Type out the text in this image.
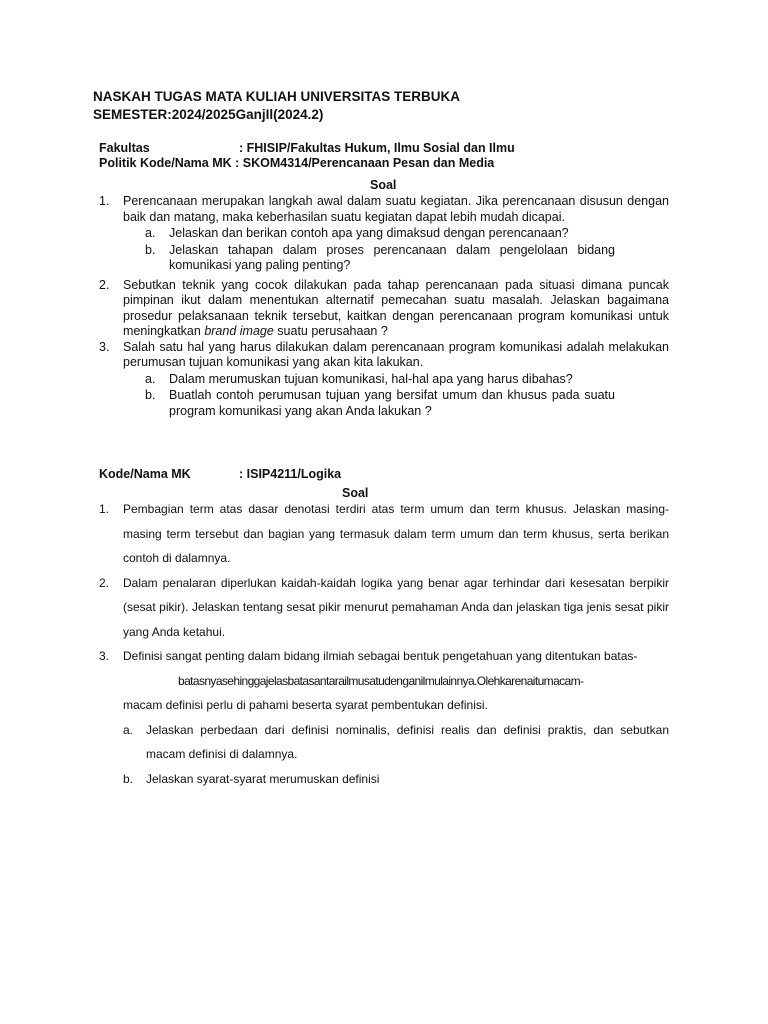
NASKAH TUGAS MATA KULIAH UNIVERSITAS TERBUKA
SEMESTER:2024/2025GanjIl(2024.2)
Fakultas	: FHISIP/Fakultas Hukum, Ilmu Sosial dan Ilmu
Politik Kode/Nama MK : SKOM4314/Perencanaan Pesan dan Media
Soal
1. Perencanaan merupakan langkah awal dalam suatu kegiatan. Jika perencanaan disusun dengan baik dan matang, maka keberhasilan suatu kegiatan dapat lebih mudah dicapai.
a. Jelaskan dan berikan contoh apa yang dimaksud dengan perencanaan?
b. Jelaskan tahapan dalam proses perencanaan dalam pengelolaan bidang komunikasi yang paling penting?
2. Sebutkan teknik yang cocok dilakukan pada tahap perencanaan pada situasi dimana puncak pimpinan ikut dalam menentukan alternatif pemecahan suatu masalah. Jelaskan bagaimana prosedur pelaksanaan teknik tersebut, kaitkan dengan perencanaan program komunikasi untuk meningkatkan brand image suatu perusahaan ?
3. Salah satu hal yang harus dilakukan dalam perencanaan program komunikasi adalah melakukan perumusan tujuan komunikasi yang akan kita lakukan.
a. Dalam merumuskan tujuan komunikasi, hal-hal apa yang harus dibahas?
b. Buatlah contoh perumusan tujuan yang bersifat umum dan khusus pada suatu program komunikasi yang akan Anda lakukan ?
Kode/Nama MK	: ISIP4211/Logika
Soal
1. Pembagian term atas dasar denotasi terdiri atas term umum dan term khusus. Jelaskan masing- masing term tersebut dan bagian yang termasuk dalam term umum dan term khusus, serta berikan contoh di dalamnya.
2. Dalam penalaran diperlukan kaidah-kaidah logika yang benar agar terhindar dari kesesatan berpikir (sesat pikir). Jelaskan tentang sesat pikir menurut pemahaman Anda dan jelaskan tiga jenis sesat pikir yang Anda ketahui.
3. Definisi sangat penting dalam bidang ilmiah sebagai bentuk pengetahuan yang ditentukan batas-
batasnyasehinggajelasbatasantarailmusatudenganilmulainnya.Olehkarenaitumacam-
macam definisi perlu di pahami beserta syarat pembentukan definisi.
a. Jelaskan perbedaan dari definisi nominalis, definisi realis dan definisi praktis, dan sebutkan macam definisi di dalamnya.
b. Jelaskan syarat-syarat merumuskan definisi
